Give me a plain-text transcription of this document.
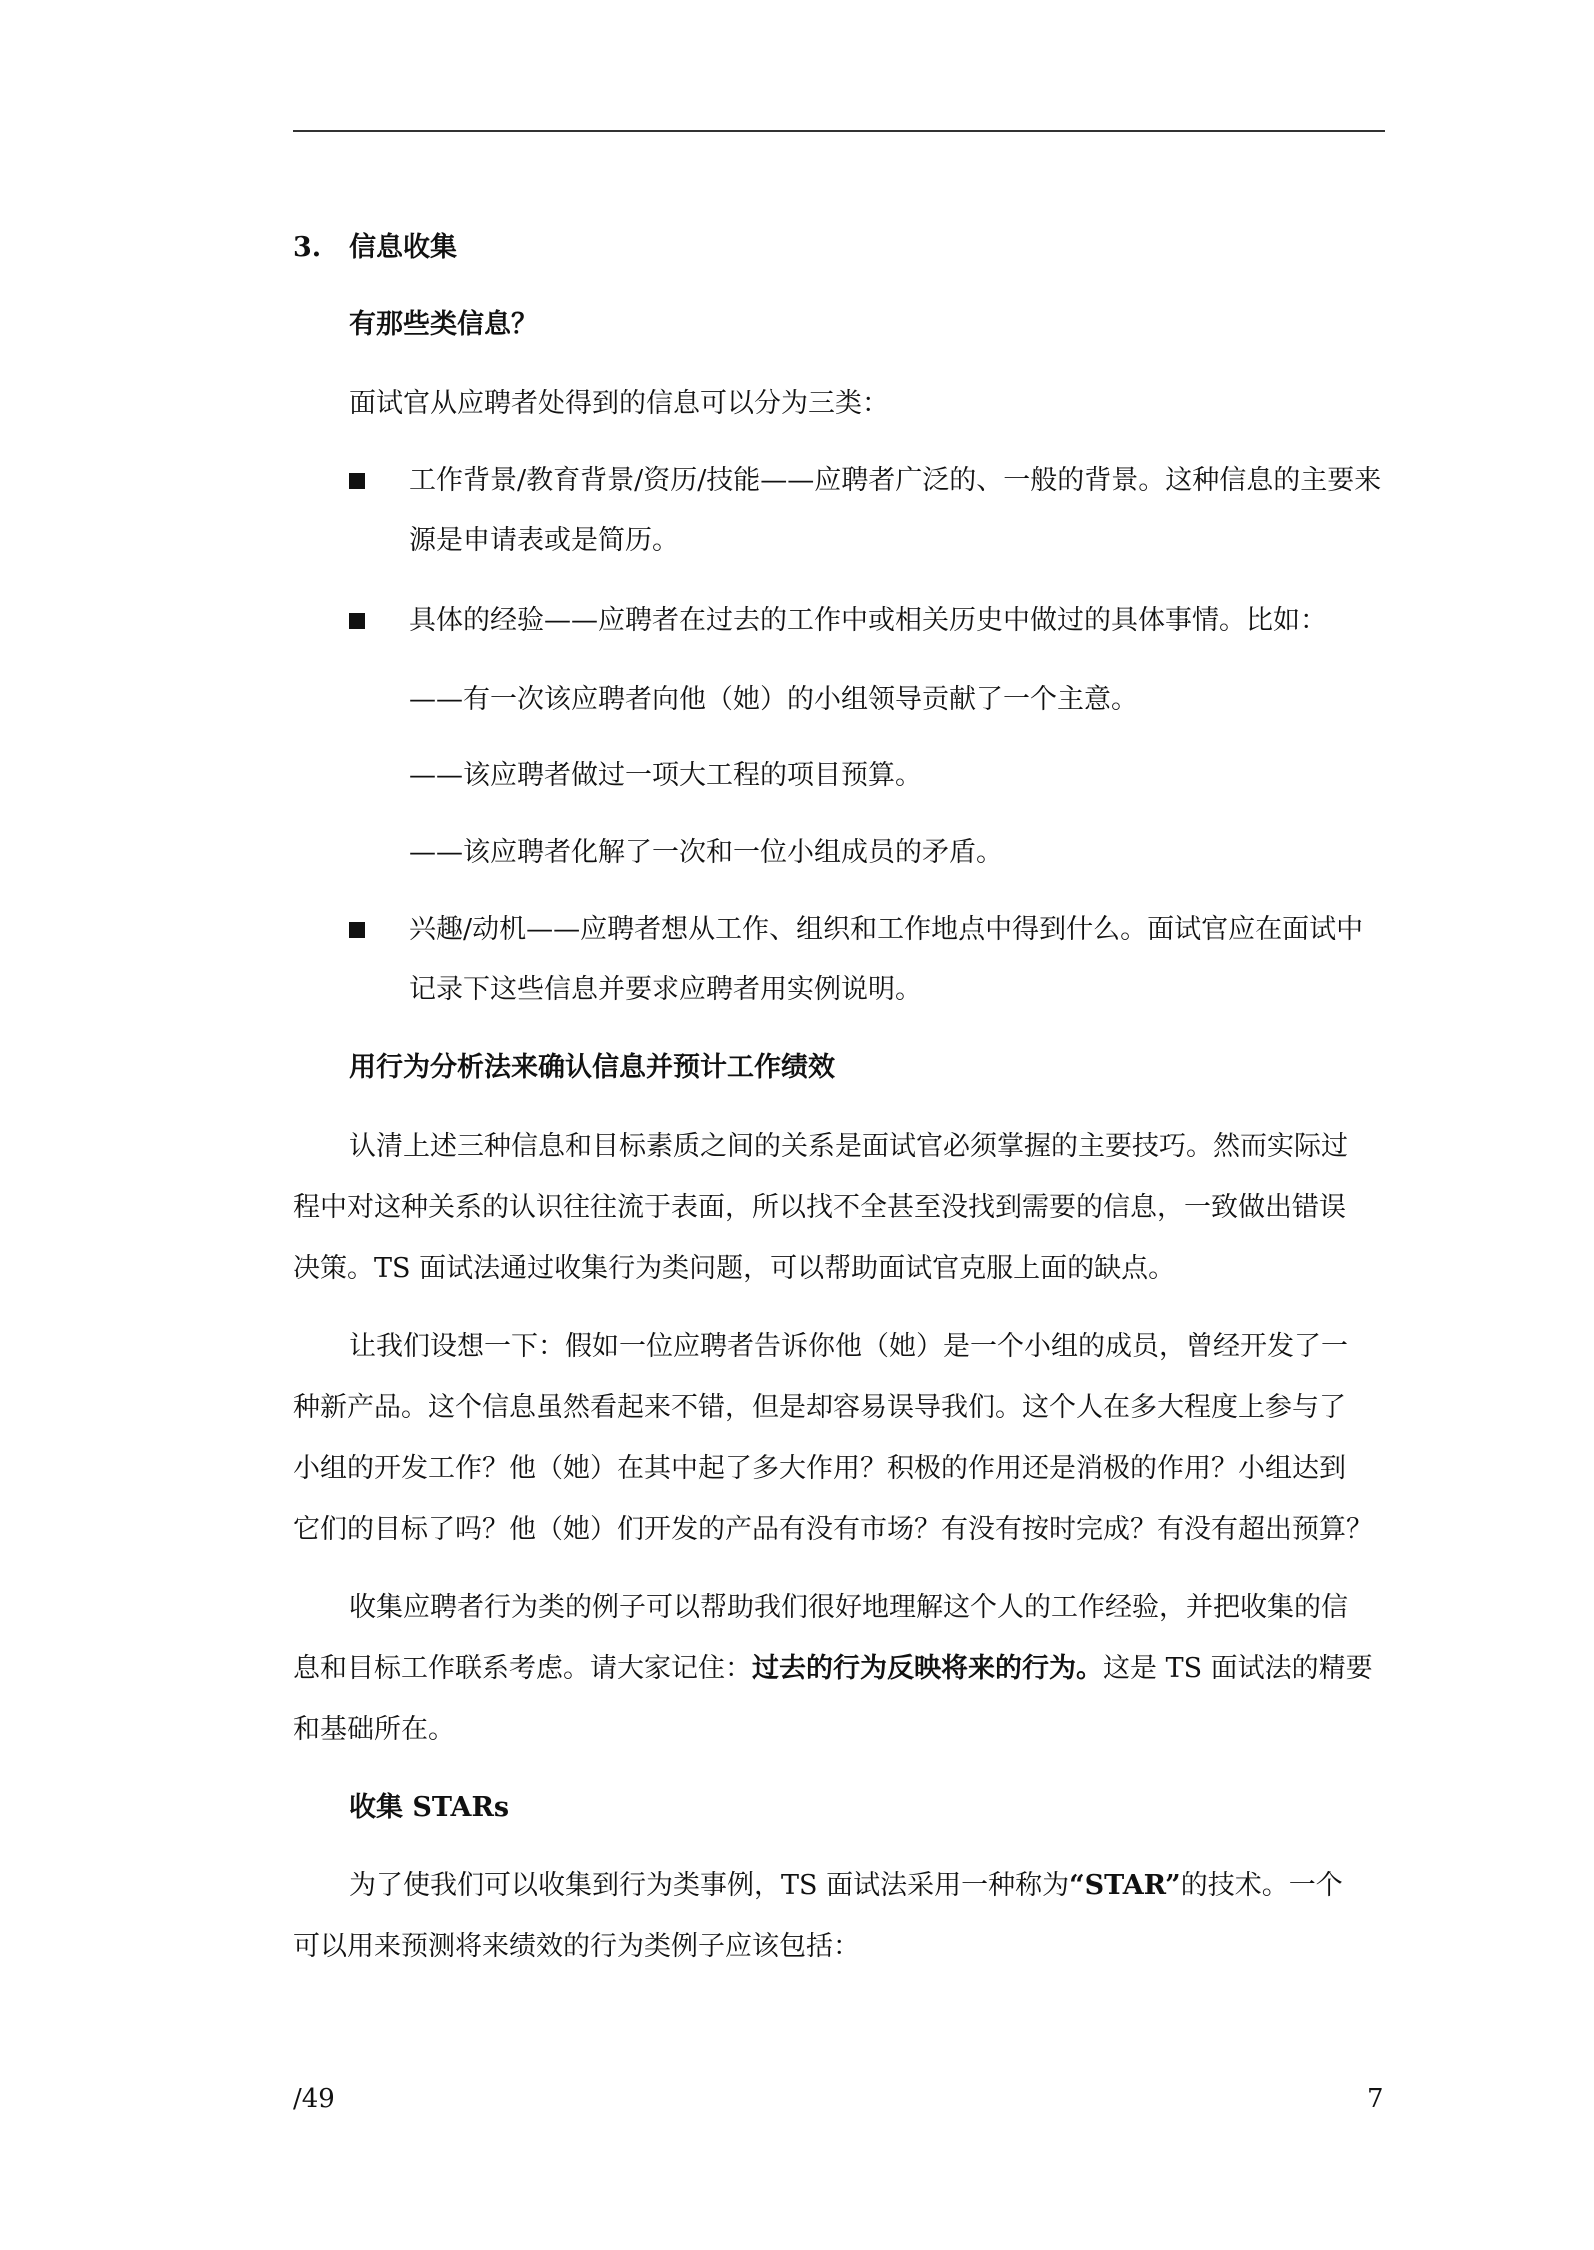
3. 信息收集
有那些类信息？
面试官从应聘者处得到的信息可以分为三类：
工作背景/教育背景/资历/技能——应聘者广泛的、一般的背景。这种信息的主要来
源是申请表或是简历。
具体的经验——应聘者在过去的工作中或相关历史中做过的具体事情。比如：
——有一次该应聘者向他（她）的小组领导贡献了一个主意。
——该应聘者做过一项大工程的项目预算。
——该应聘者化解了一次和一位小组成员的矛盾。
兴趣/动机——应聘者想从工作、组织和工作地点中得到什么。面试官应在面试中
记录下这些信息并要求应聘者用实例说明。
用行为分析法来确认信息并预计工作绩效
认清上述三种信息和目标素质之间的关系是面试官必须掌握的主要技巧。然而实际过
程中对这种关系的认识往往流于表面，所以找不全甚至没找到需要的信息，一致做出错误
决策。TS 面试法通过收集行为类问题，可以帮助面试官克服上面的缺点。
让我们设想一下：假如一位应聘者告诉你他（她）是一个小组的成员，曾经开发了一
种新产品。这个信息虽然看起来不错，但是却容易误导我们。这个人在多大程度上参与了
小组的开发工作？他（她）在其中起了多大作用？积极的作用还是消极的作用？小组达到
它们的目标了吗？他（她）们开发的产品有没有市场？有没有按时完成？有没有超出预算？
收集应聘者行为类的例子可以帮助我们很好地理解这个人的工作经验，并把收集的信
息和目标工作联系考虑。请大家记住：过去的行为反映将来的行为。这是 TS 面试法的精要
和基础所在。
收集 STARs
为了使我们可以收集到行为类事例，TS 面试法采用一种称为“STAR”的技术。一个
可以用来预测将来绩效的行为类例子应该包括：
/49	7
